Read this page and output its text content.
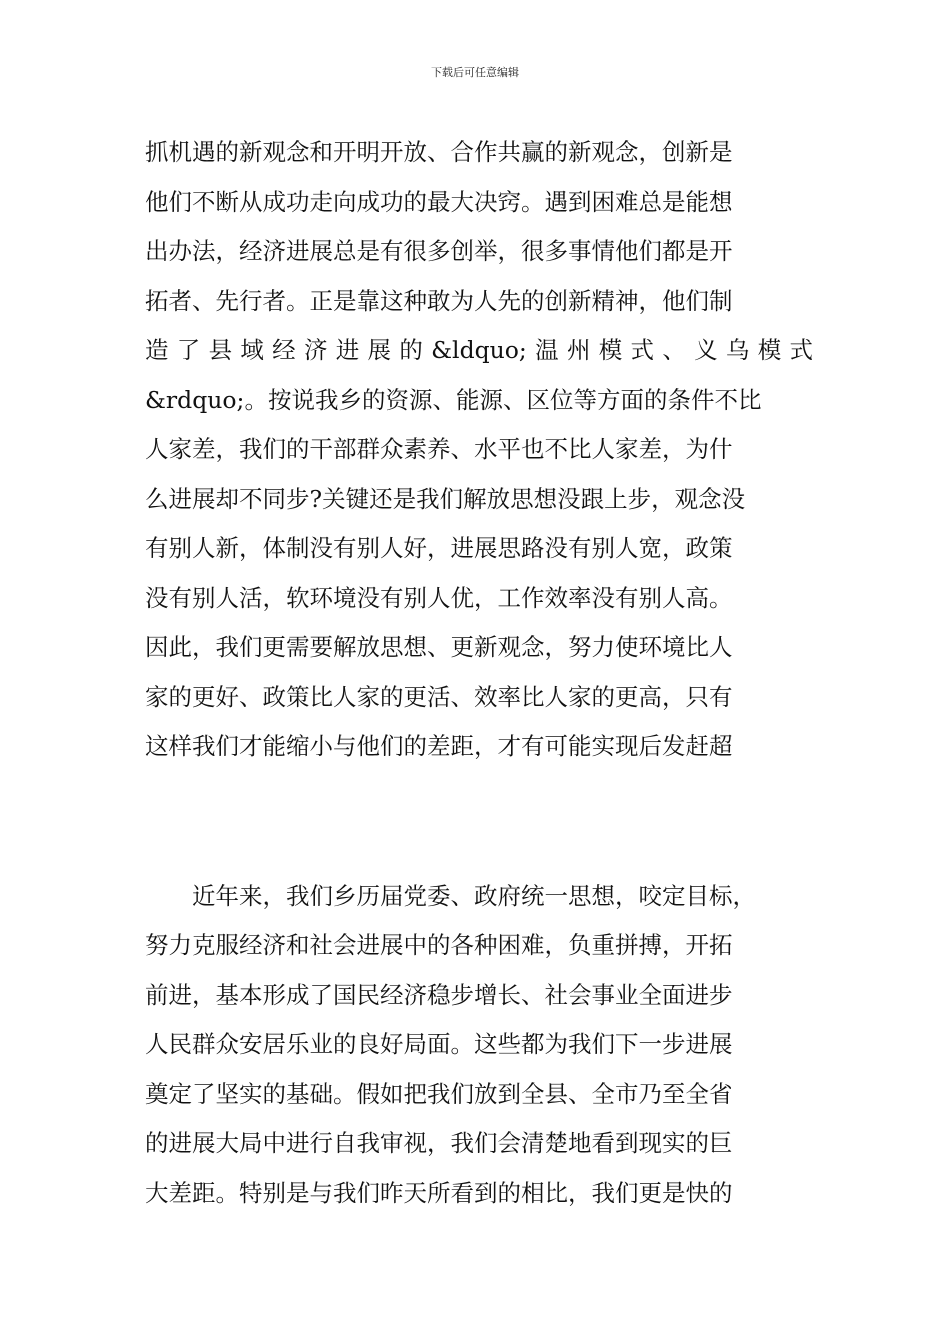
下载后可任意编辑
抓机遇的新观念和开明开放、合作共赢的新观念，创新是
他们不断从成功走向成功的最大决窍。遇到困难总是能想
出办法，经济进展总是有很多创举，很多事情他们都是开
拓者、先行者。正是靠这种敢为人先的创新精神，他们制
造了县域经济进展的&ldquo;温州模式、义乌模式
&rdquo;。按说我乡的资源、能源、区位等方面的条件不比
人家差，我们的干部群众素养、水平也不比人家差，为什
么进展却不同步?关键还是我们解放思想没跟上步，观念没
有别人新，体制没有别人好，进展思路没有别人宽，政策
没有别人活，软环境没有别人优，工作效率没有别人高。
因此，我们更需要解放思想、更新观念，努力使环境比人
家的更好、政策比人家的更活、效率比人家的更高，只有
这样我们才能缩小与他们的差距，才有可能实现后发赶超
近年来，我们乡历届党委、政府统一思想，咬定目标，
努力克服经济和社会进展中的各种困难，负重拼搏，开拓
前进，基本形成了国民经济稳步增长、社会事业全面进步
人民群众安居乐业的良好局面。这些都为我们下一步进展
奠定了坚实的基础。假如把我们放到全县、全市乃至全省
的进展大局中进行自我审视，我们会清楚地看到现实的巨
大差距。特别是与我们昨天所看到的相比，我们更是快的
